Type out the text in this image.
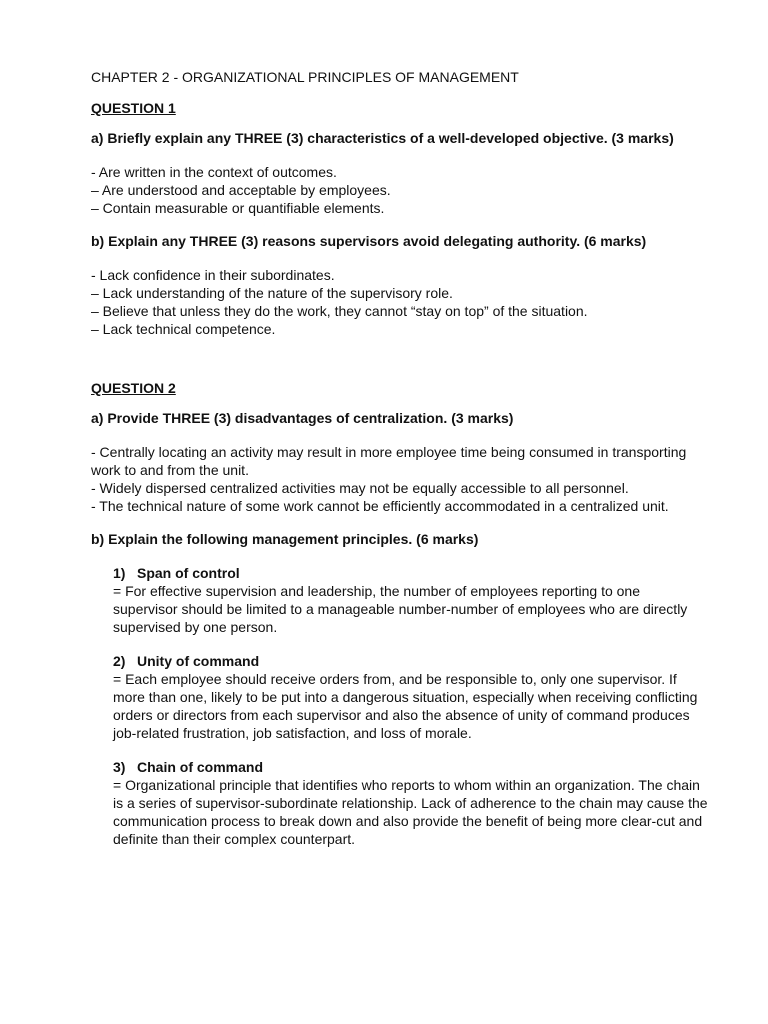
CHAPTER 2 - ORGANIZATIONAL PRINCIPLES OF MANAGEMENT
QUESTION 1
a) Briefly explain any THREE (3) characteristics of a well-developed objective. (3 marks)
- Are written in the context of outcomes.
– Are understood and acceptable by employees.
– Contain measurable or quantifiable elements.
b) Explain any THREE (3) reasons supervisors avoid delegating authority. (6 marks)
- Lack confidence in their subordinates.
– Lack understanding of the nature of the supervisory role.
– Believe that unless they do the work, they cannot “stay on top” of the situation.
– Lack technical competence.
QUESTION 2
a) Provide THREE (3) disadvantages of centralization. (3 marks)
- Centrally locating an activity may result in more employee time being consumed in transporting work to and from the unit.
- Widely dispersed centralized activities may not be equally accessible to all personnel.
- The technical nature of some work cannot be efficiently accommodated in a centralized unit.
b) Explain the following management principles. (6 marks)
1) Span of control
= For effective supervision and leadership, the number of employees reporting to one supervisor should be limited to a manageable number-number of employees who are directly supervised by one person.
2) Unity of command
= Each employee should receive orders from, and be responsible to, only one supervisor. If more than one, likely to be put into a dangerous situation, especially when receiving conflicting orders or directors from each supervisor and also the absence of unity of command produces job-related frustration, job satisfaction, and loss of morale.
3) Chain of command
= Organizational principle that identifies who reports to whom within an organization. The chain is a series of supervisor-subordinate relationship. Lack of adherence to the chain may cause the communication process to break down and also provide the benefit of being more clear-cut and definite than their complex counterpart.
